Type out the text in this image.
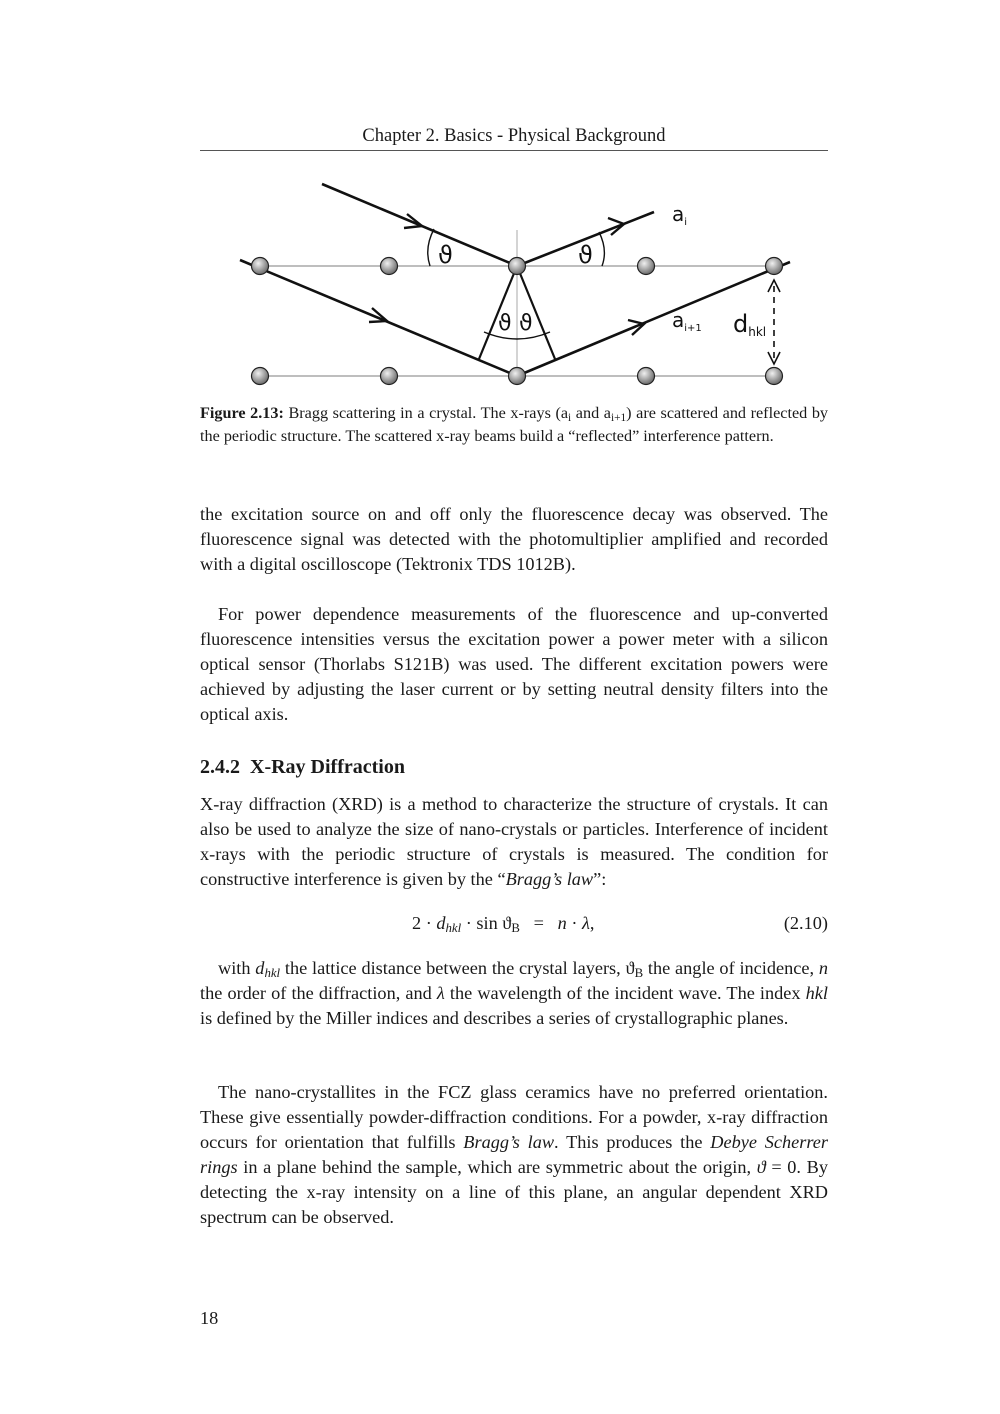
Chapter 2. Basics - Physical Background
ϑ	ϑ
ϑ ϑ
$a_i$
$a_{i+1}$ dhkl
Figure 2.13: Bragg scattering in a crystal. The x-rays ($a_i$ and $a_{i+1}$) are scattered and reflected by the periodic structure. The scattered x-ray beams build a “reflected” interference pattern.

the excitation source on and off only the fluorescence decay was observed. The fluorescence signal was detected with the photomultiplier amplified and recorded with a digital oscilloscope (Tektronix TDS 1012B).

For power dependence measurements of the fluorescence and up-converted fluorescence intensities versus the excitation power a power meter with a silicon optical sensor (Thorlabs S121B) was used. The different excitation powers were achieved by adjusting the laser current or by setting neutral density filters into the optical axis.

2.4.2 X-Ray Diffraction

X-ray diffraction (XRD) is a method to characterize the structure of crystals. It can also be used to analyze the size of nano-crystals or particles. Interference of incident x-rays with the periodic structure of crystals is measured. The condition for constructive interference is given by the “Bragg’s law”:

$2 \cdot d_{hkl} \cdot \sin ϑ_B = n \cdot \lambda$,	(2.10)

with $d_{hkl}$ the lattice distance between the crystal layers, $ϑ_B$ the angle of incidence, n the order of the diffraction, and λ the wavelength of the incident wave. The index hkl is defined by the Miller indices and describes a series of crystallographic planes.

The nano-crystallites in the FCZ glass ceramics have no preferred orientation. These give essentially powder-diffraction conditions. For a powder, x-ray diffraction occurs for orientation that fulfills Bragg’s law. This produces the Debye Scherrer rings in a plane behind the sample, which are symmetric about the origin, ϑ = 0. By detecting the x-ray intensity on a line of this plane, an angular dependent XRD spectrum can be observed.

18
